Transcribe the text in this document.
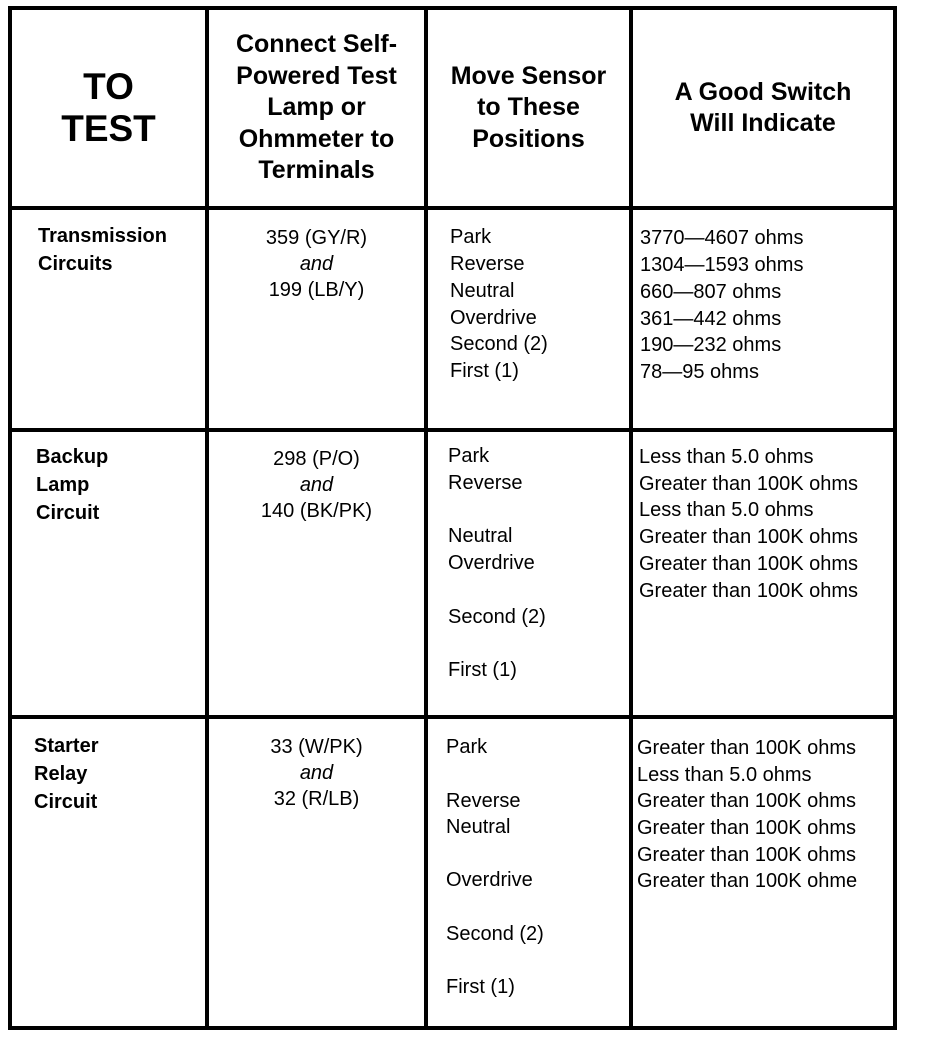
TO
TEST
Connect Self-
Powered Test
Lamp or
Ohmmeter to
Terminals
Move Sensor
to These
Positions
A Good Switch
Will Indicate
Transmission
Circuits
359 (GY/R)
and
199 (LB/Y)
Park
Reverse
Neutral
Overdrive
Second (2)
First (1)
3770—4607 ohms
1304—1593 ohms
660—807 ohms
361—442 ohms
190—232 ohms
78—95 ohms
Backup
Lamp
Circuit
298 (P/O)
and
140 (BK/PK)
Park
Reverse
Neutral
Overdrive
Second (2)
First (1)
Less than 5.0 ohms
Greater than 100K ohms
Less than 5.0 ohms
Greater than 100K ohms
Greater than 100K ohms
Greater than 100K ohms
Starter
Relay
Circuit
33 (W/PK)
and
32 (R/LB)
Park
Reverse
Neutral
Overdrive
Second (2)
First (1)
Greater than 100K ohms
Less than 5.0 ohms
Greater than 100K ohms
Greater than 100K ohms
Greater than 100K ohms
Greater than 100K ohme
